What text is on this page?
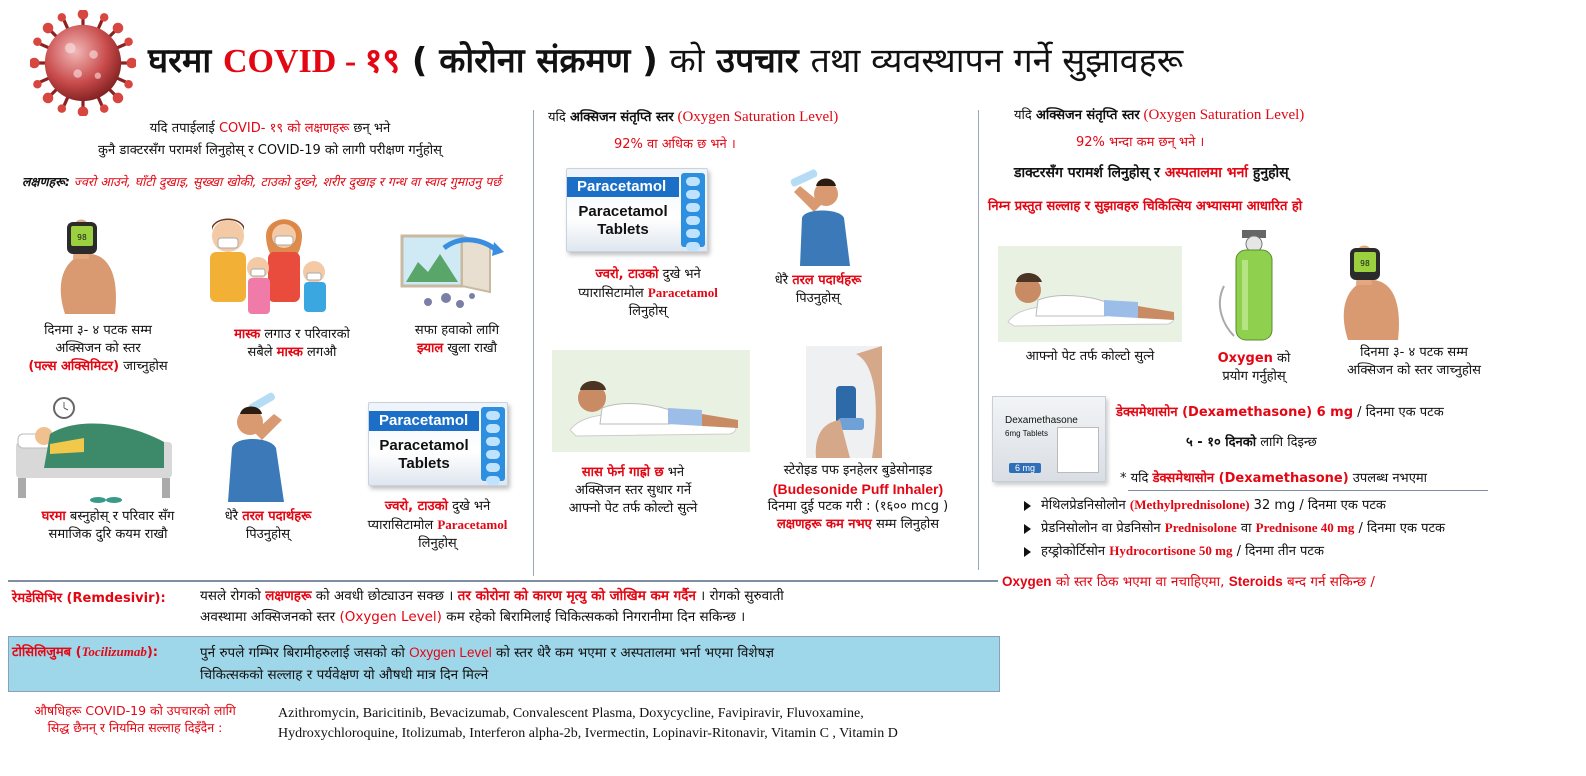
घरमा COVID - १९ ( कोरोना संक्रमण ) को उपचार तथा व्यवस्थापन गर्ने सुझावहरू
यदि तपाईलाई COVID- १९ को लक्षणहरू छन् भने
कुनै डाक्टरसँग परामर्श लिनुहोस् र COVID-19 को लागी परीक्षण गर्नुहोस्
लक्षणहरू: ज्वरो आउने, घाँटी दुखाइ, सुख्खा खोकी, टाउको दुख्ने, शरीर दुखाइ र गन्ध वा स्वाद गुमाउनु पर्छ
98
दिनमा ३- ४ पटक सम्म
अक्सिजन को स्तर
(पल्स अक्सिमिटर) जाच्नुहोस
मास्क लगाउ र परिवारको
सबैले मास्क लगऔ
सफा हवाको लागि
झ्याल खुला राखौ
घरमा बस्नुहोस् र परिवार सँग
समाजिक दुरि कयम राखौ
धेरै तरल पदार्थहरू
पिउनुहोस्
Paracetamol
Paracetamol
Tablets
ज्वरो, टाउको दुखे भने
प्यारासिटामोल Paracetamol
लिनुहोस्
यदि अक्सिजन संतृप्ति स्तर (Oxygen Saturation Level)
92% वा अधिक छ भने ।
Paracetamol
Paracetamol
Tablets
ज्वरो, टाउको दुखे भने
प्यारासिटामोल Paracetamol
लिनुहोस्
धेरै तरल पदार्थहरू
पिउनुहोस्
सास फेर्न गाह्रो छ भने
अक्सिजन स्तर सुधार गर्ने
आफ्नो पेट तर्फ कोल्टो सुत्ने
स्टेरोइड पफ इनहेलर बुडेसोनाइड
(Budesonide Puff Inhaler)
दिनमा दुई पटक गरी : (१६०० mcg )
लक्षणहरू कम नभए सम्म लिनुहोस
यदि अक्सिजन संतृप्ति स्तर (Oxygen Saturation Level)
92% भन्दा कम छन् भने ।
डाक्टरसँग परामर्श लिनुहोस् र अस्पतालमा भर्ना हुनुहोस्
निम्न प्रस्तुत सल्लाह र सुझावहरु चिकित्सिय अभ्यासमा आधारित हो
आफ्नो पेट तर्फ कोल्टो सुत्ने	Oxygen को
प्रयोग गर्नुहोस्
98
दिनमा ३- ४ पटक सम्म
अक्सिजन को स्तर जाच्नुहोस
Dexamethasone
6mg Tablets
6 mg
डेक्समेथासोन (Dexamethasone) 6 mg / दिनमा एक पटक
५ - १० दिनको लागि दिइन्छ
* यदि डेक्समेथासोन (Dexamethasone) उपलब्ध नभएमा
मेथिलप्रेडनिसोलोन (Methylprednisolone) 32 mg / दिनमा एक पटक
प्रेडनिसोलोन वा प्रेडनिसोन Prednisolone वा Prednisone 40 mg / दिनमा एक पटक
हय्ड्रोकोर्टिसोन Hydrocortisone 50 mg / दिनमा तीन पटक
Oxygen को स्तर ठिक भएमा वा नचाहिएमा, Steroids बन्द गर्न सकिन्छ /
रेमडेसिभिर (Remdesivir):	यसले रोगको लक्षणहरू को अवधी छोट्याउन सक्छ । तर कोरोना को कारण मृत्यु को जोखिम कम गर्दैन । रोगको सुरुवाती
अवस्थामा अक्सिजनको स्तर (Oxygen Level) कम रहेको बिरामिलाई चिकित्सकको निगरानीमा दिन सकिन्छ ।
टोसिलिजुमब (Tocilizumab):	पुर्न रुपले गम्भिर बिरामीहरुलाई जसको को Oxygen Level को स्तर धेरै कम भएमा र अस्पतालमा भर्ना भएमा विशेषज्ञ
चिकित्सकको सल्लाह र पर्यवेक्षण यो औषधी मात्र दिन मिल्ने
औषधिहरू COVID-19 को उपचारको लागि
सिद्ध छैनन् र नियमित सल्लाह दिइँदैन :
Azithromycin, Baricitinib, Bevacizumab, Convalescent Plasma, Doxycycline, Favipiravir, Fluvoxamine,
Hydroxychloroquine, Itolizumab, Interferon alpha-2b, Ivermectin, Lopinavir-Ritonavir, Vitamin C , Vitamin D
